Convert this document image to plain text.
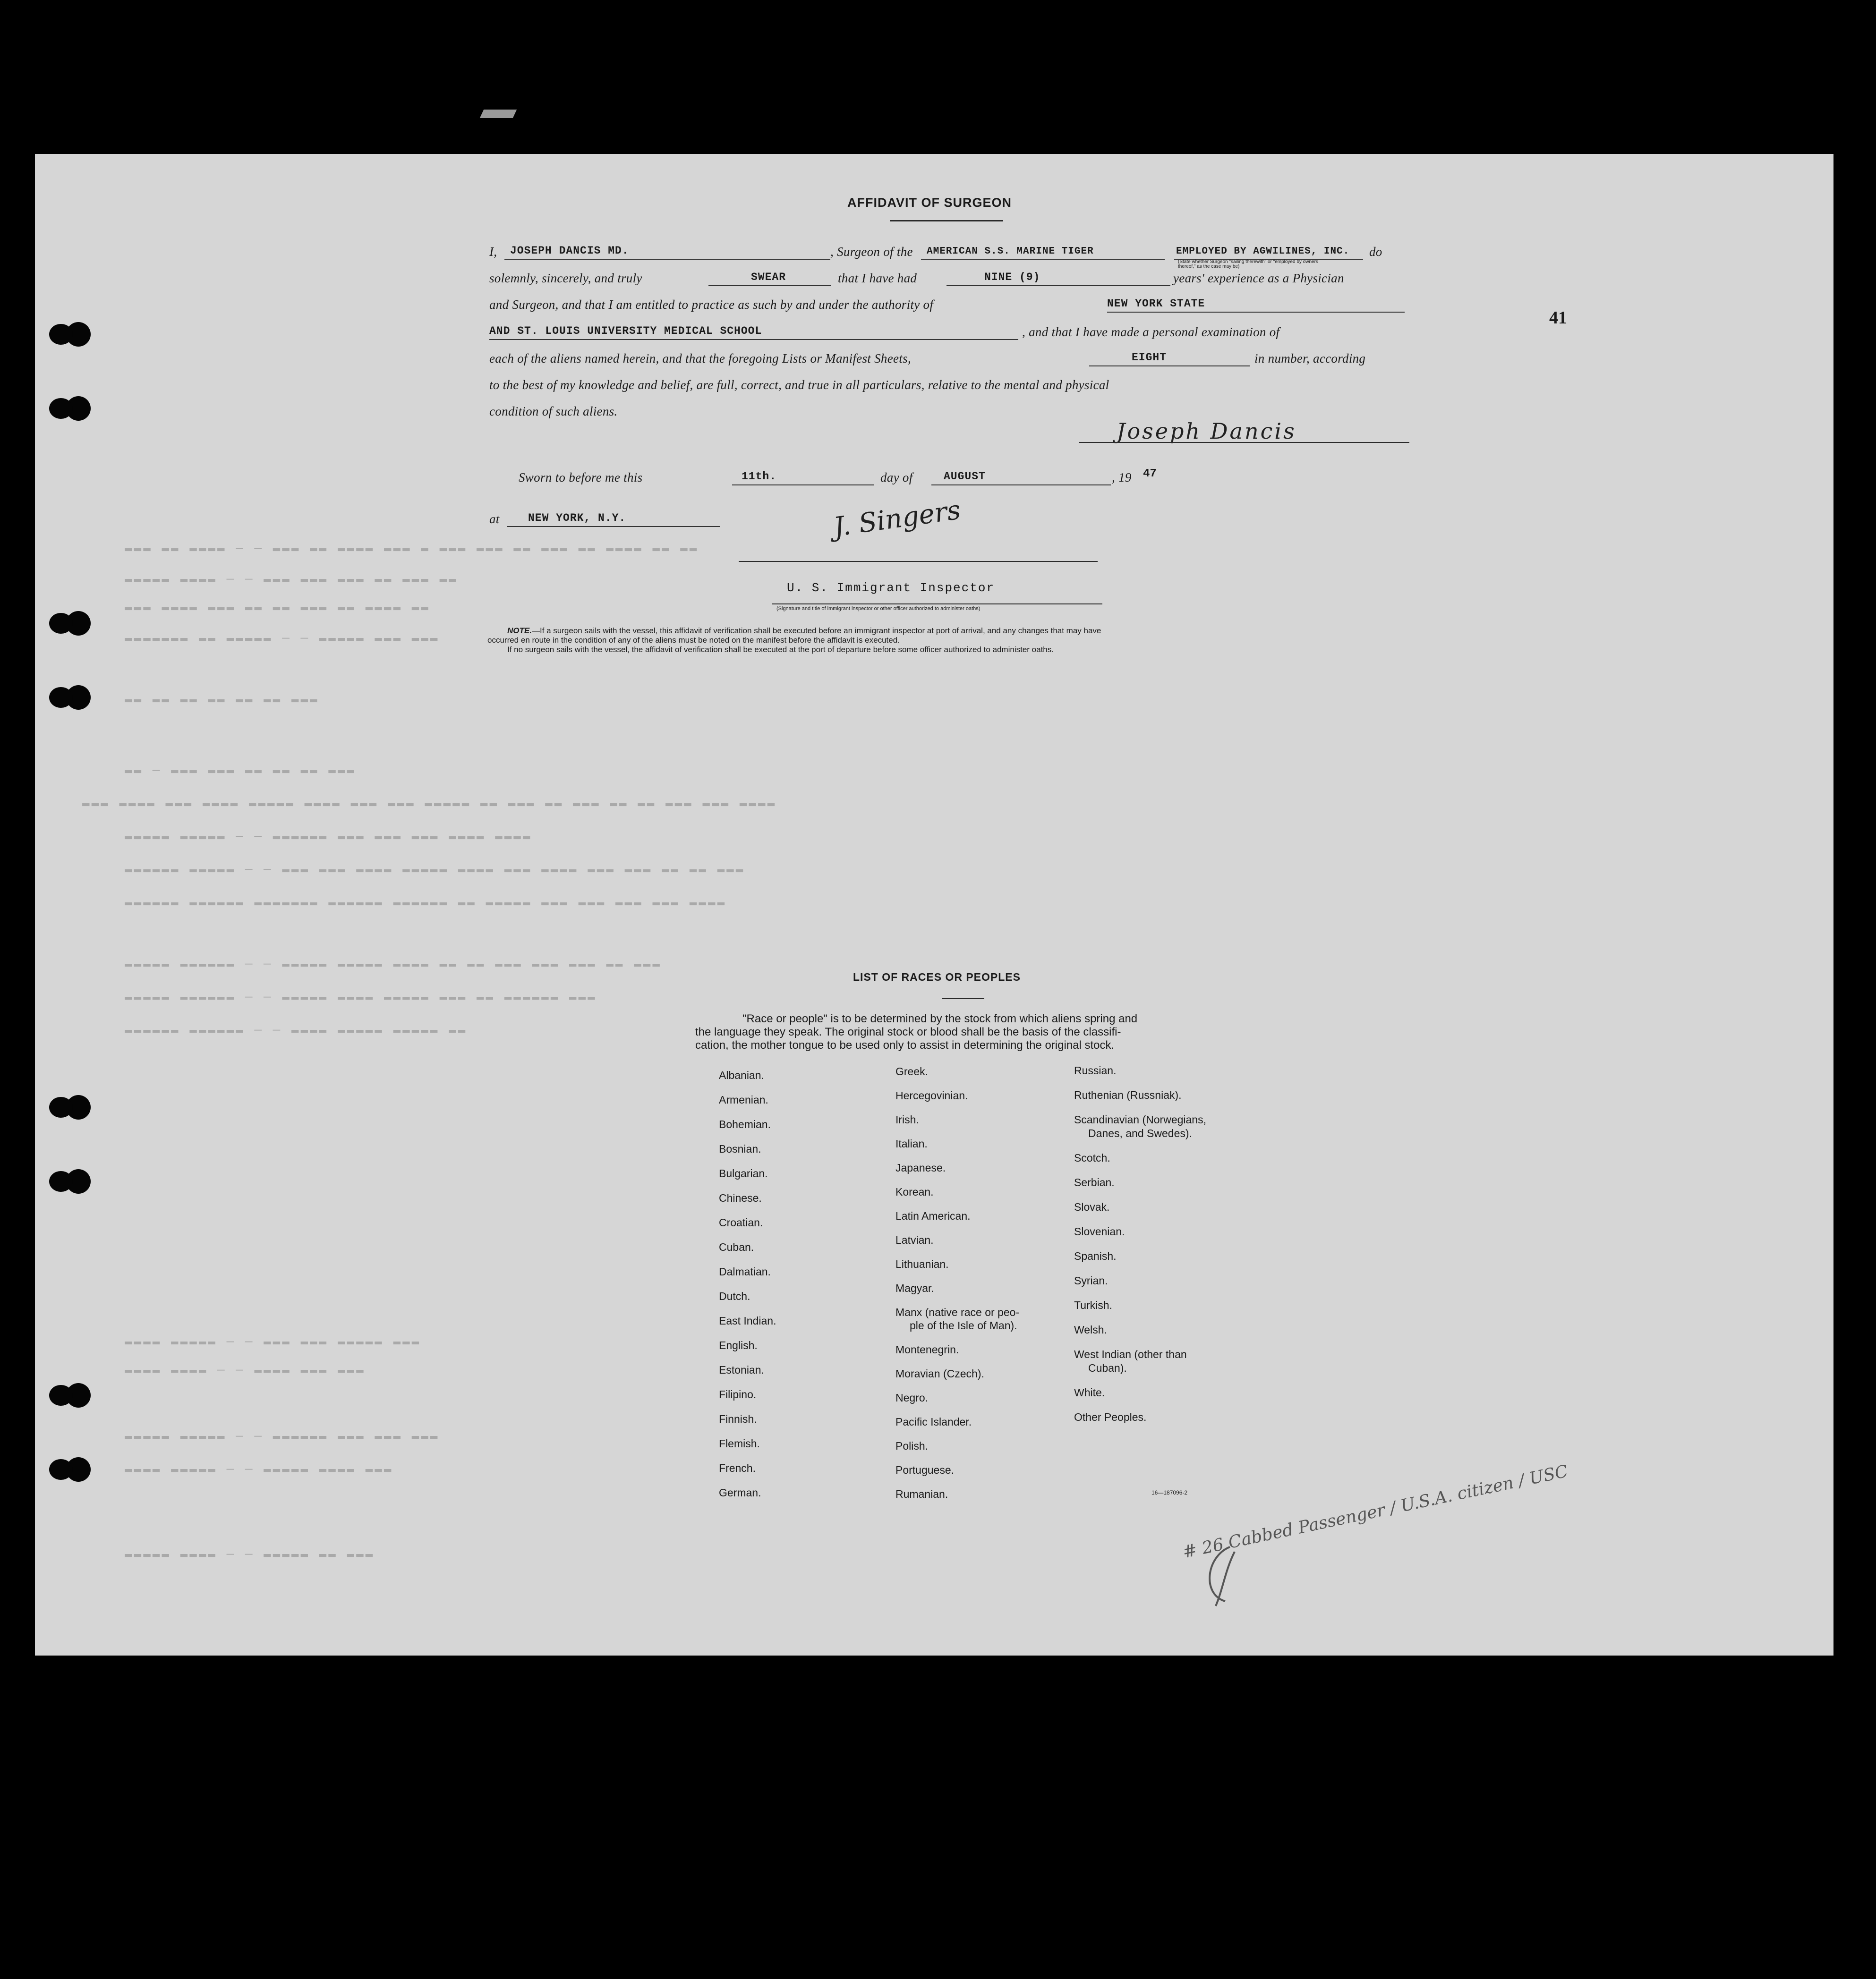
▬▬▬ ▬▬ ▬▬▬▬ — — ▬▬▬ ▬▬ ▬▬▬▬ ▬▬▬ ▬ ▬▬▬ ▬▬▬ ▬▬ ▬▬▬ ▬▬ ▬▬▬▬ ▬▬ ▬▬
▬▬▬▬▬ ▬▬▬▬ — — ▬▬▬ ▬▬▬ ▬▬▬ ▬▬ ▬▬▬ ▬▬
▬▬▬ ▬▬▬▬ ▬▬▬ ▬▬ ▬▬ ▬▬▬ ▬▬ ▬▬▬▬ ▬▬
▬▬▬▬▬▬▬ ▬▬ ▬▬▬▬▬ — — ▬▬▬▬▬ ▬▬▬ ▬▬▬
▬▬ ▬▬ ▬▬ ▬▬ ▬▬ ▬▬ ▬▬▬
▬▬ — ▬▬▬ ▬▬▬ ▬▬ ▬▬ ▬▬ ▬▬▬
▬▬▬ ▬▬▬▬ ▬▬▬ ▬▬▬▬ ▬▬▬▬▬ ▬▬▬▬ ▬▬▬ ▬▬▬ ▬▬▬▬▬ ▬▬ ▬▬▬ ▬▬ ▬▬▬ ▬▬ ▬▬ ▬▬▬ ▬▬▬ ▬▬▬▬
▬▬▬▬▬ ▬▬▬▬▬ — — ▬▬▬▬▬▬ ▬▬▬ ▬▬▬ ▬▬▬ ▬▬▬▬ ▬▬▬▬
▬▬▬▬▬▬ ▬▬▬▬▬ — — ▬▬▬ ▬▬▬ ▬▬▬▬ ▬▬▬▬▬ ▬▬▬▬ ▬▬▬ ▬▬▬▬ ▬▬▬ ▬▬▬ ▬▬ ▬▬ ▬▬▬
▬▬▬▬▬▬ ▬▬▬▬▬▬ ▬▬▬▬▬▬▬ ▬▬▬▬▬▬ ▬▬▬▬▬▬ ▬▬ ▬▬▬▬▬ ▬▬▬ ▬▬▬ ▬▬▬ ▬▬▬ ▬▬▬▬
▬▬▬▬▬ ▬▬▬▬▬▬ — — ▬▬▬▬▬ ▬▬▬▬▬ ▬▬▬▬ ▬▬ ▬▬ ▬▬▬ ▬▬▬ ▬▬▬ ▬▬ ▬▬▬
▬▬▬▬▬ ▬▬▬▬▬▬ — — ▬▬▬▬▬ ▬▬▬▬ ▬▬▬▬▬ ▬▬▬ ▬▬ ▬▬▬▬▬▬ ▬▬▬
▬▬▬▬▬▬ ▬▬▬▬▬▬ — — ▬▬▬▬ ▬▬▬▬▬ ▬▬▬▬▬ ▬▬
▬▬▬▬ ▬▬▬▬▬ — — ▬▬▬ ▬▬▬ ▬▬▬▬▬ ▬▬▬
▬▬▬▬ ▬▬▬▬ — — ▬▬▬▬ ▬▬▬ ▬▬▬
▬▬▬▬▬ ▬▬▬▬▬ — — ▬▬▬▬▬▬ ▬▬▬ ▬▬▬ ▬▬▬
▬▬▬▬ ▬▬▬▬▬ — — ▬▬▬▬▬ ▬▬▬▬ ▬▬▬
▬▬▬▬▬ ▬▬▬▬ — — ▬▬▬▬▬ ▬▬ ▬▬▬
AFFIDAVIT OF SURGEON
41
I, JOSEPH DANCIS MD.	, Surgeon of the AMERICAN S.S. MARINE TIGER	EMPLOYED BY AGWILINES, INC.
(State whether Surgeon "sailing therewith" or "employed by owners thereof," as the case may be)
do
solemnly, sincerely, and truly	SWEAR	that I have had	NINE (9)	years' experience as a Physician
and Surgeon, and that I am entitled to practice as such by and under the authority of	NEW YORK STATE
AND ST. LOUIS UNIVERSITY MEDICAL SCHOOL	, and that I have made a personal examination of
each of the aliens named herein, and that the foregoing Lists or Manifest Sheets,	EIGHT	in number, according
to the best of my knowledge and belief, are full, correct, and true in all particulars, relative to the mental and physical
condition of such aliens.
Joseph Dancis
Sworn to before me this	11th.	day of	AUGUST	, 19 47
at	NEW YORK, N.Y.	J. Singers
U. S. Immigrant Inspector
(Signature and title of immigrant inspector or other officer authorized to administer oaths)
NOTE.—If a surgeon sails with the vessel, this affidavit of verification shall be executed before an immigrant inspector at port of arrival, and any changes that may have
occurred en route in the condition of any of the aliens must be noted on the manifest before the affidavit is executed.
If no surgeon sails with the vessel, the affidavit of verification shall be executed at the port of departure before some officer authorized to administer oaths.
LIST OF RACES OR PEOPLES
"Race or people" is to be determined by the stock from which aliens spring and
the language they speak. The original stock or blood shall be the basis of the classifi-
cation, the mother tongue to be used only to assist in determining the original stock.
Albanian.
Armenian.
Bohemian.
Bosnian.
Bulgarian.
Chinese.
Croatian.
Cuban.
Dalmatian.
Dutch.
East Indian.
English.
Estonian.
Filipino.
Finnish.
Flemish.
French.
German.
Greek.
Hercegovinian.
Irish.
Italian.
Japanese.
Korean.
Latin American.
Latvian.
Lithuanian.
Magyar.
Manx (native race or peo-
ple of the Isle of Man).
Montenegrin.
Moravian (Czech).
Negro.
Pacific Islander.
Polish.
Portuguese.
Rumanian.
Russian.
Ruthenian (Russniak).
Scandinavian (Norwegians,
Danes, and Swedes).
Scotch.
Serbian.
Slovak.
Slovenian.
Spanish.
Syrian.
Turkish.
Welsh.
West Indian (other than
Cuban).
White.
Other Peoples.
16—187096-2
# 26 Cabbed Passenger / U.S.A. citizen / USC
